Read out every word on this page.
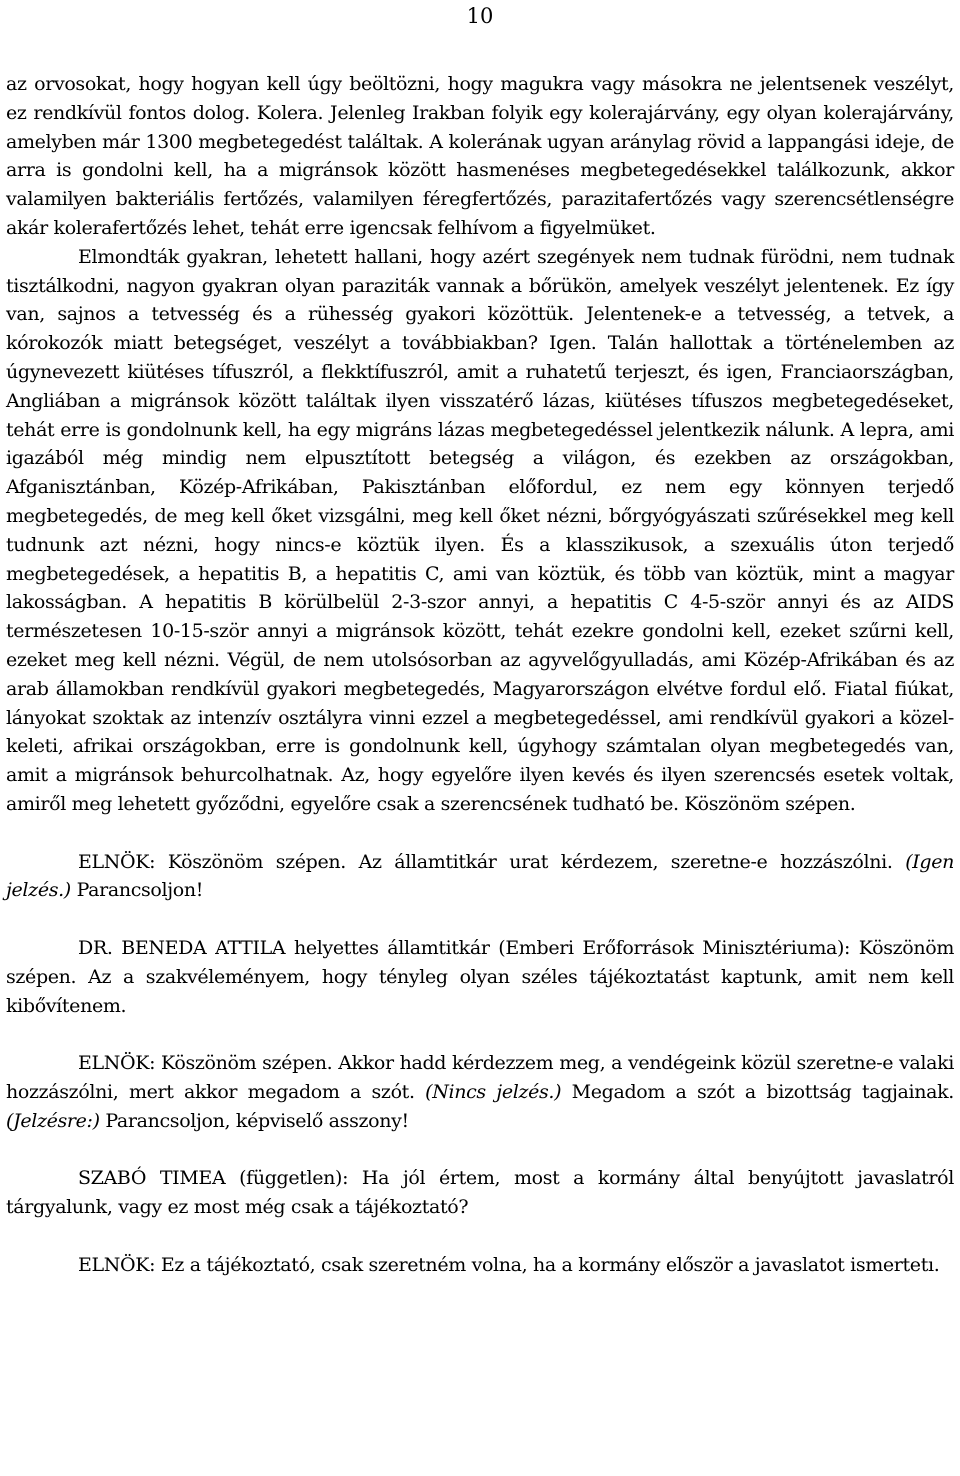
10

az orvosokat, hogy hogyan kell úgy beöltözni, hogy magukra vagy másokra ne jelentsenek veszélyt, ez rendkívül fontos dolog. Kolera. Jelenleg Irakban folyik egy kolerajárvány, egy olyan kolerajárvány, amelyben már 1300 megbetegedést találtak. A kolerának ugyan aránylag rövid a lappangási ideje, de arra is gondolni kell, ha a migránsok között hasmenéses megbetegedésekkel találkozunk, akkor valamilyen bakteriális fertőzés, valamilyen féregfertőzés, parazitafertőzés vagy szerencsétlenségre akár kolerafertőzés lehet, tehát erre igencsak felhívom a figyelmüket.

Elmondták gyakran, lehetett hallani, hogy azért szegények nem tudnak fürödni, nem tudnak tisztálkodni, nagyon gyakran olyan paraziták vannak a bőrükön, amelyek veszélyt jelentenek. Ez így van, sajnos a tetvesség és a rühesség gyakori közöttük. Jelentenek-e a tetvesség, a tetvek, a kórokozók miatt betegséget, veszélyt a továbbiakban? Igen. Talán hallottak a történelemben az úgynevezett kiütéses tífuszról, a flekktífuszról, amit a ruhatetű terjeszt, és igen, Franciaországban, Angliában a migránsok között találtak ilyen visszatérő lázas, kiütéses tífuszos megbetegedéseket, tehát erre is gondolnunk kell, ha egy migráns lázas megbetegedéssel jelentkezik nálunk. A lepra, ami igazából még mindig nem elpusztított betegség a világon, és ezekben az országokban, Afganisztánban, Közép-Afrikában, Pakisztánban előfordul, ez nem egy könnyen terjedő megbetegedés, de meg kell őket vizsgálni, meg kell őket nézni, bőrgyógyászati szűrésekkel meg kell tudnunk azt nézni, hogy nincs-e köztük ilyen. És a klasszikusok, a szexuális úton terjedő megbetegedések, a hepatitis B, a hepatitis C, ami van köztük, és több van köztük, mint a magyar lakosságban. A hepatitis B körülbelül 2-3-szor annyi, a hepatitis C 4-5-ször annyi és az AIDS természetesen 10-15-ször annyi a migránsok között, tehát ezekre gondolni kell, ezeket szűrni kell, ezeket meg kell nézni. Végül, de nem utolsósorban az agyvelőgyulladás, ami Közép-Afrikában és az arab államokban rendkívül gyakori megbetegedés, Magyarországon elvétve fordul elő. Fiatal fiúkat, lányokat szoktak az intenzív osztályra vinni ezzel a megbetegedéssel, ami rendkívül gyakori a közel-keleti, afrikai országokban, erre is gondolnunk kell, úgyhogy számtalan olyan megbetegedés van, amit a migránsok behurcolhatnak. Az, hogy egyelőre ilyen kevés és ilyen szerencsés esetek voltak, amiről meg lehetett győződni, egyelőre csak a szerencsének tudható be. Köszönöm szépen.

ELNÖK: Köszönöm szépen. Az államtitkár urat kérdezem, szeretne-e hozzászólni. (Igen jelzés.) Parancsoljon!

DR. BENEDA ATTILA helyettes államtitkár (Emberi Erőforrások Minisztériuma): Köszönöm szépen. Az a szakvéleményem, hogy tényleg olyan széles tájékoztatást kaptunk, amit nem kell kibővítenem.

ELNÖK: Köszönöm szépen. Akkor hadd kérdezzem meg, a vendégeink közül szeretne-e valaki hozzászólni, mert akkor megadom a szót. (Nincs jelzés.) Megadom a szót a bizottság tagjainak. (Jelzésre:) Parancsoljon, képviselő asszony!

SZABÓ TIMEA (független): Ha jól értem, most a kormány által benyújtott javaslatról tárgyalunk, vagy ez most még csak a tájékoztató?

ELNÖK: Ez a tájékoztató, csak szeretném volna, ha a kormány először a javaslatot ismertetı.
